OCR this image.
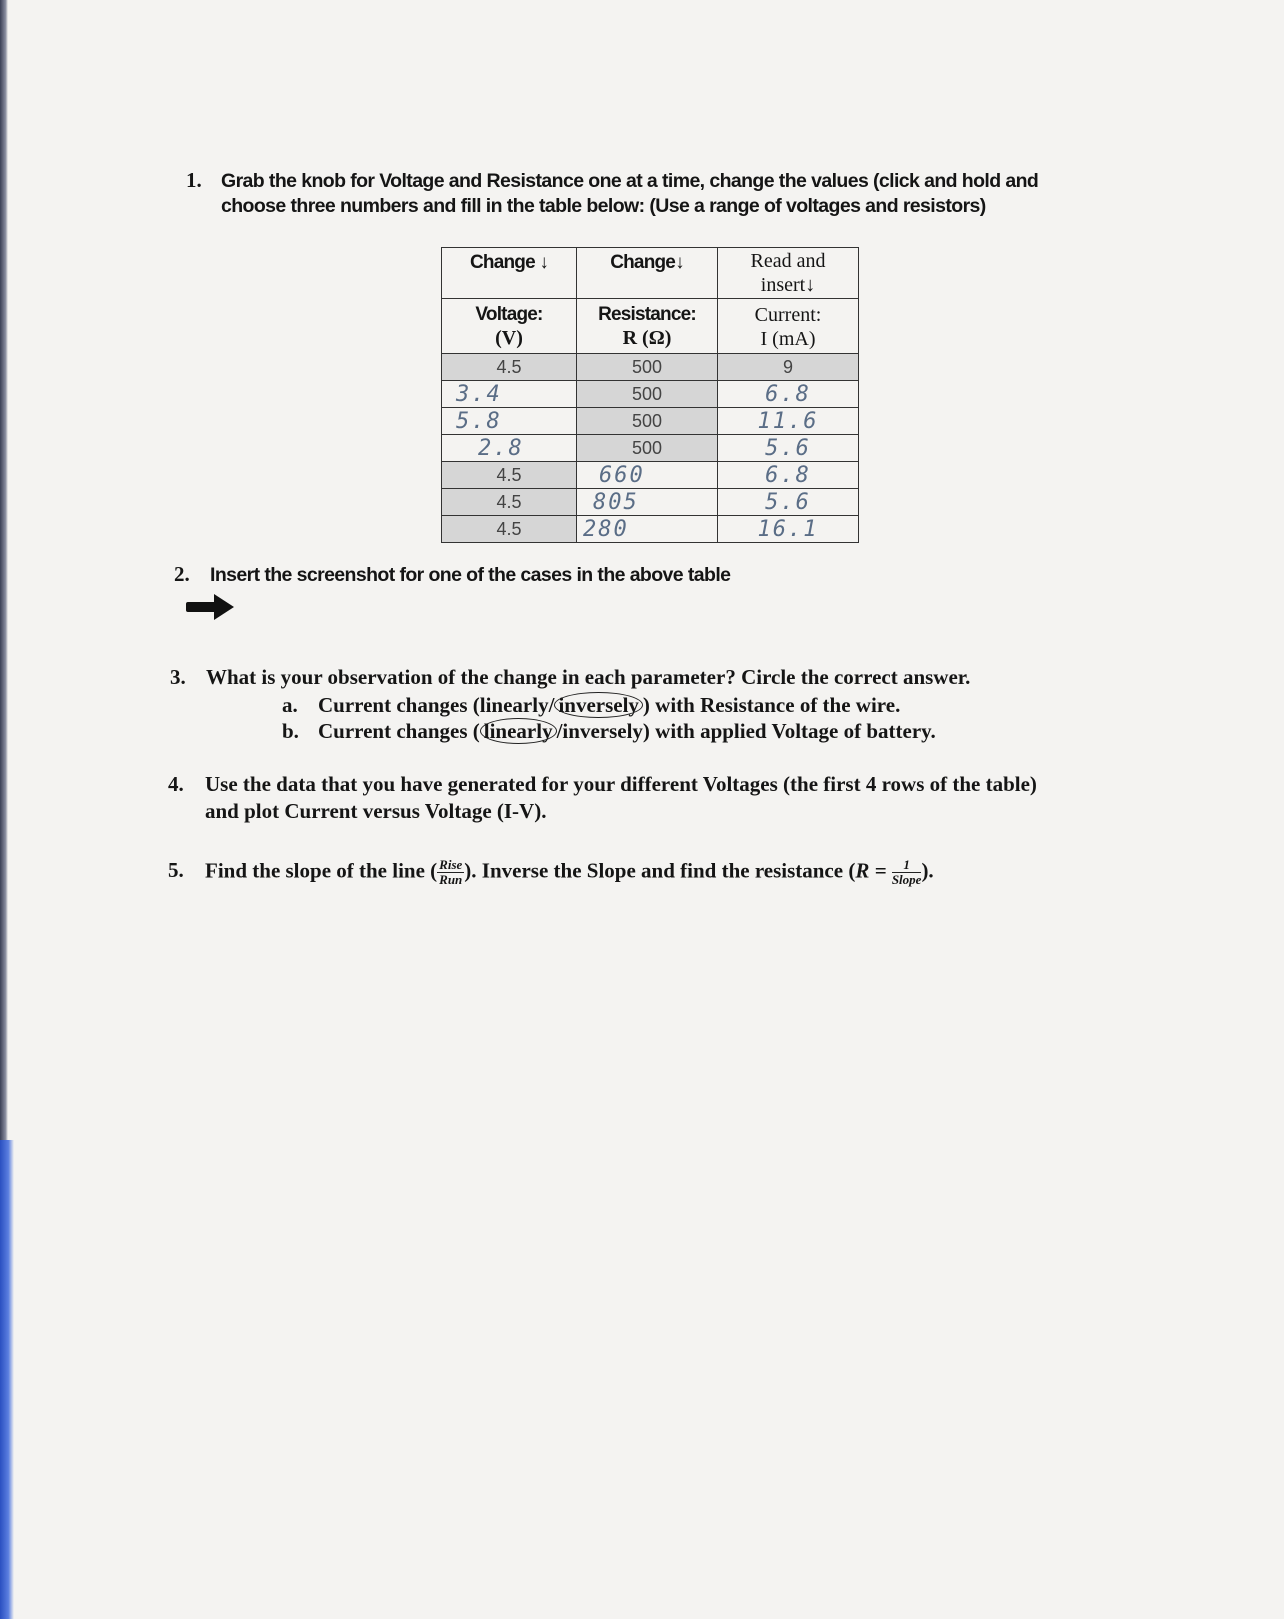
1. Grab the knob for Voltage and Resistance one at a time, change the values (click and hold and
choose three numbers and fill in the table below: (Use a range of voltages and resistors)
Change ↓	Change↓	Read and
insert↓

Voltage:
(V)	Resistance:
R (Ω)	Current:
I (mA)

4.5	500	9
3.4	500	6.8
5.8	500	11.6
2.8	500	5.6
4.5	660	6.8
4.5	805	5.6
4.5	280	16.1
2. Insert the screenshot for one of the cases in the above table
3. What is your observation of the change in each parameter? Circle the correct answer.
a. Current changes (linearly/ inversely ) with Resistance of the wire.
b. Current changes ( linearly /inversely) with applied Voltage of battery.
4. Use the data that you have generated for your different Voltages (the first 4 rows of the table)
and plot Current versus Voltage (I-V).
5. Find the slope of the line ( $\frac{\text{Rise}}{\text{Run}}$). Inverse the Slope and find the resistance $(R = \frac{1}{\text{Slope}})$.
